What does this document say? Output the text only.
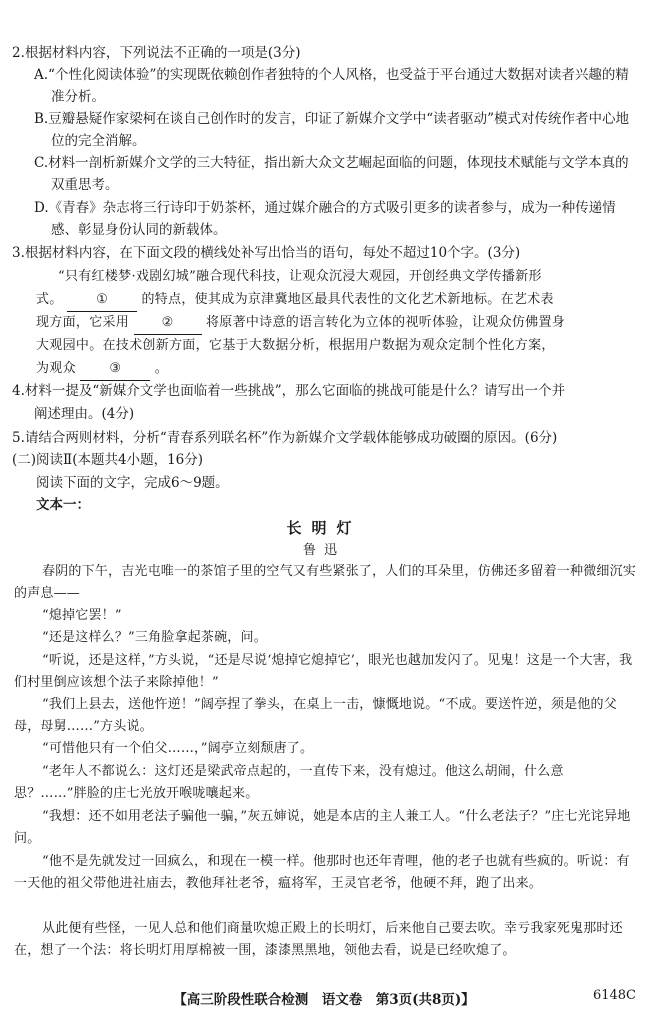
2.根据材料内容，下列说法不正确的一项是(3分)
A.“个性化阅读体验”的实现既依赖创作者独特的个人风格，也受益于平台通过大数据对读者兴趣的精准分析。
B.豆瓣悬疑作家梁柯在谈自己创作时的发言，印证了新媒介文学中“读者驱动”模式对传统作者中心地位的完全消解。
C.材料一剖析新媒介文学的三大特征，指出新大众文艺崛起面临的问题，体现技术赋能与文学本真的双重思考。
D.《青春》杂志将三行诗印于奶茶杯，通过媒介融合的方式吸引更多的读者参与，成为一种传递情感、彰显身份认同的新载体。
3.根据材料内容，在下面文段的横线处补写出恰当的语句，每处不超过10个字。(3分)
“只有红楼梦·戏剧幻城”融合现代科技，让观众沉浸大观园，开创经典文学传播新形
式。	①	的特点，使其成为京津冀地区最具代表性的文化艺术新地标。在艺术表
现方面，它采用 ② 将原著中诗意的语言转化为立体的视听体验，让观众仿佛置身
大观园中。在技术创新方面，它基于大数据分析，根据用户数据为观众定制个性化方案，
为观众	③	。
4.材料一提及“新媒介文学也面临着一些挑战”，那么它面临的挑战可能是什么？请写出一个并
阐述理由。(4分)
5.请结合两则材料，分析“青春系列联名杯”作为新媒介文学载体能够成功破圈的原因。(6分)
(二)阅读Ⅱ(本题共4小题，16分)
阅读下面的文字，完成6～9题。
文本一：
长明灯
鲁迅
春阴的下午，吉光屯唯一的茶馆子里的空气又有些紧张了，人们的耳朵里，仿佛还多留着一种微细沉实的声息——
“熄掉它罢！”
“还是这样么？”三角脸拿起茶碗，问。
“听说，还是这样，”方头说，“还是尽说‘熄掉它熄掉它’，眼光也越加发闪了。见鬼！这是一个大害，我们村里倒应该想个法子来除掉他！”
“我们上县去，送他忤逆！”阔亭捏了拳头，在桌上一击，慷慨地说。“不成。要送忤逆，须是他的父母，母舅……”方头说。
“可惜他只有一个伯父……，”阔亭立刻颓唐了。
“老年人不都说么：这灯还是梁武帝点起的，一直传下来，没有熄过。他这么胡闹，什么意思？……”胖脸的庄七光放开喉咙嚷起来。
“我想：还不如用老法子骗他一骗，”灰五婶说，她是本店的主人兼工人。“什么老法子？”庄七光诧异地问。
“他不是先就发过一回疯么，和现在一模一样。他那时也还年青哩，他的老子也就有些疯的。听说：有一天他的祖父带他进社庙去，教他拜社老爷，瘟将军，王灵官老爷，他硬不拜，跑了出来。
从此便有些怪，一见人总和他们商量吹熄正殿上的长明灯，后来他自己要去吹。幸亏我家死鬼那时还在，想了一个法：将长明灯用厚棉被一围，漆漆黑黑地，领他去看，说是已经吹熄了。
【高三阶段性联合检测　语文卷　第3页(共8页)】	6148C
